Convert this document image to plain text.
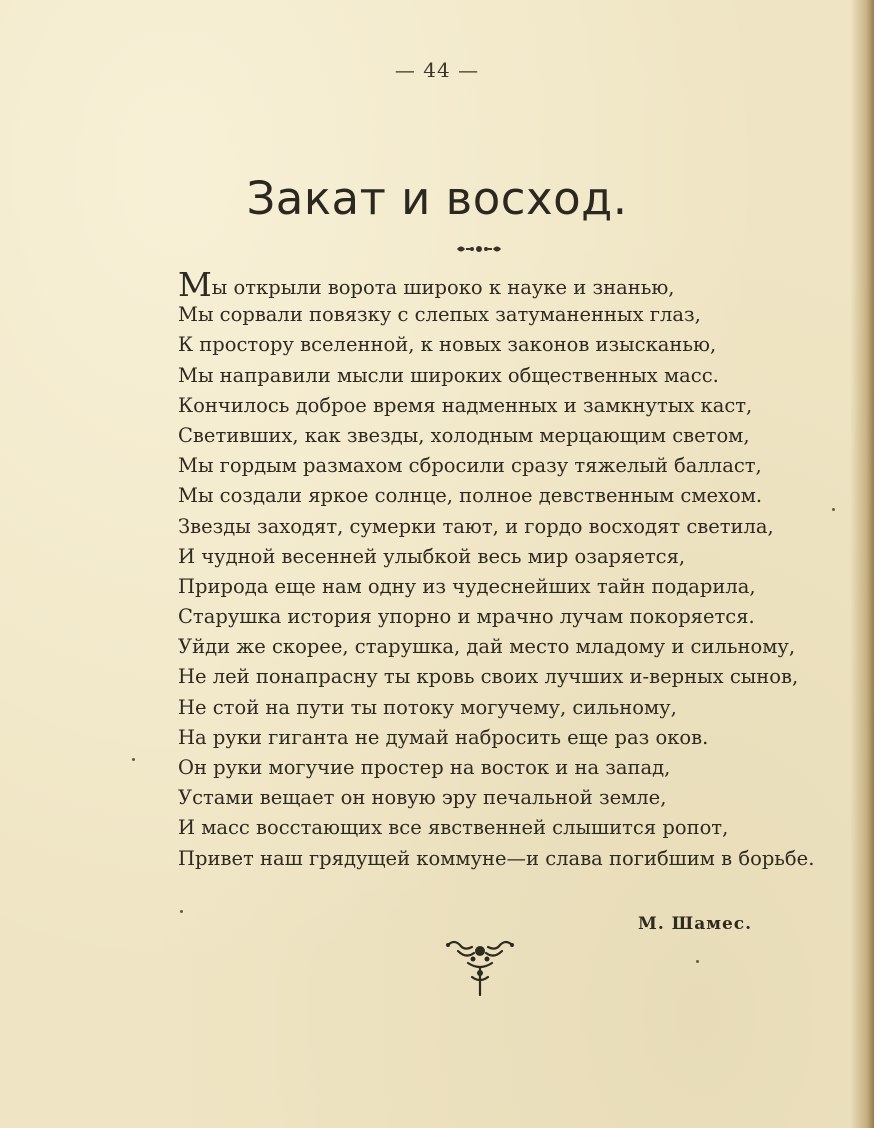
— 44 —
Закат и восход.
Мы открыли ворота широко к науке и знанью,
Мы сорвали повязку с слепых затуманенных глаз,
К простору вселенной, к новых законов изысканью,
Мы направили мысли широких общественных масс.
Кончилось доброе время надменных и замкнутых каст,
Светивших, как звезды, холодным мерцающим светом,
Мы гордым размахом сбросили сразу тяжелый балласт,
Мы создали яркое солнце, полное девственным смехом.
Звезды заходят, сумерки тают, и гордо восходят светила,
И чудной весенней улыбкой весь мир озаряется,
Природа еще нам одну из чудеснейших тайн подарила,
Старушка история упорно и мрачно лучам покоряется.
Уйди же скорее, старушка, дай место младому и сильному,
Не лей понапрасну ты кровь своих лучших и-верных сынов,
Не стой на пути ты потоку могучему, сильному,
На руки гиганта не думай набросить еще раз оков.
Он руки могучие простер на восток и на запад,
Устами вещает он новую эру печальной земле,
И масс восстающих все явственней слышится ропот,
Привет наш грядущей коммуне—и слава погибшим в борьбе.
М. Шамес.
